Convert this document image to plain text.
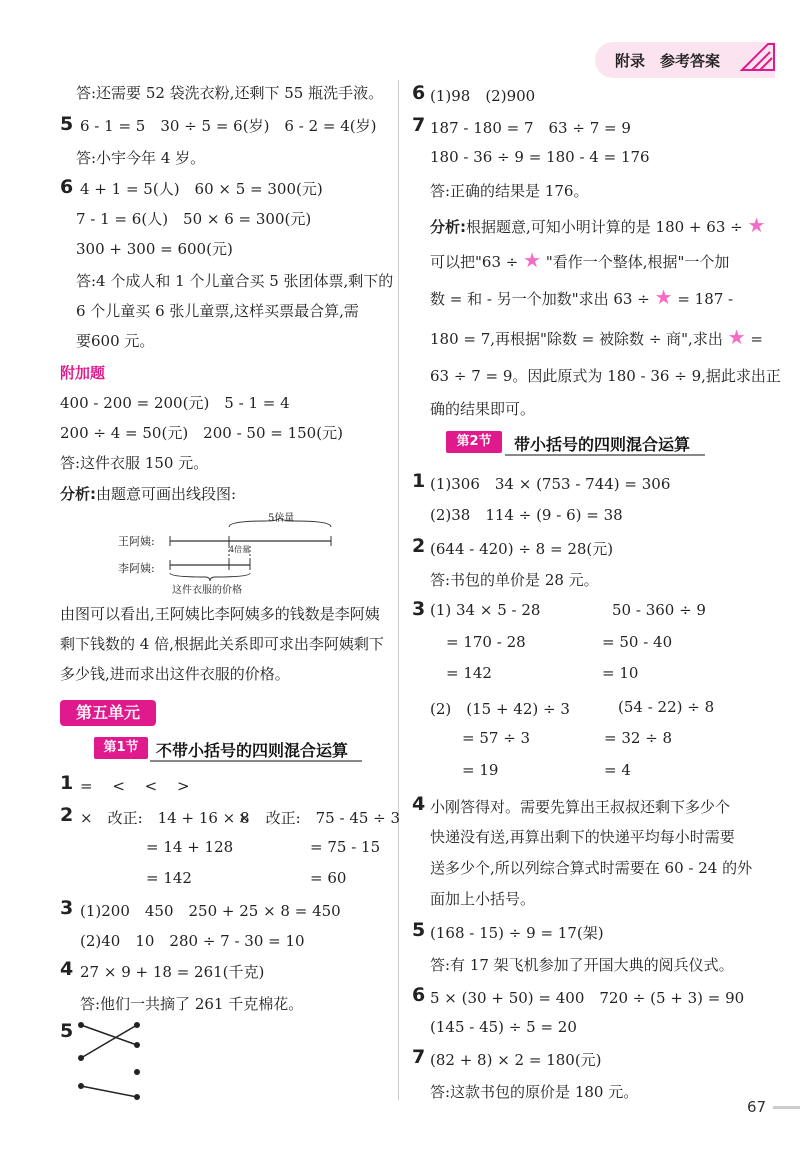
附录　参考答案
答:还需要 52 袋洗衣粉,还剩下 55 瓶洗手液。
5 6 - 1 = 5　30 ÷ 5 = 6(岁)　6 - 2 = 4(岁)
答:小宇今年 4 岁。
6 4 + 1 = 5(人)　60 × 5 = 300(元)
7 - 1 = 6(人)　50 × 6 = 300(元)
300 + 300 = 600(元)
答:4 个成人和 1 个儿童合买 5 张团体票,剩下的
6 个儿童买 6 张儿童票,这样买票最合算,需
要600 元。
附加题
400 - 200 = 200(元)　5 - 1 = 4
200 ÷ 4 = 50(元)　200 - 50 = 150(元)
答:这件衣服 150 元。
分析:由题意可画出线段图:
王阿姨:
李阿姨:
5倍量
4倍量
这件衣服的价格
由图可以看出,王阿姨比李阿姨多的钱数是李阿姨
剩下钱数的 4 倍,根据此关系即可求出李阿姨剩下
多少钱,进而求出这件衣服的价格。
第五单元
第1节	不带小括号的四则混合运算
1 =　 <　 <　 >
2 ×　改正:　14 + 16 × 8
×　改正:　75 - 45 ÷ 3
= 14 + 128
= 142
= 75 - 15
= 60
3 (1)200　450　250 + 25 × 8 = 450
(2)40　10　280 ÷ 7 - 30 = 10
4 27 × 9 + 18 = 261(千克)
答:他们一共摘了 261 千克棉花。
5
6 (1)98　(2)900
7 187 - 180 = 7　63 ÷ 7 = 9
180 - 36 ÷ 9 = 180 - 4 = 176
答:正确的结果是 176。
分析:根据题意,可知小明计算的是 180 + 63 ÷ ★
可以把"63 ÷ ★ "看作一个整体,根据"一个加
数 = 和 - 另一个加数"求出 63 ÷ ★ = 187 -
180 = 7,再根据"除数 = 被除数 ÷ 商",求出 ★ =
63 ÷ 7 = 9。因此原式为 180 - 36 ÷ 9,据此求出正
确的结果即可。
第2节	带小括号的四则混合运算
1 (1)306　34 × (753 - 744) = 306
(2)38　114 ÷ (9 - 6) = 38
2 (644 - 420) ÷ 8 = 28(元)
答:书包的单价是 28 元。
3 (1) 34 × 5 - 28	50 - 360 ÷ 9
= 170 - 28	= 50 - 40
= 142	= 10
(2)　(15 + 42) ÷ 3	(54 - 22) ÷ 8
= 57 ÷ 3	= 32 ÷ 8
= 19	= 4
4 小刚答得对。需要先算出王叔叔还剩下多少个
快递没有送,再算出剩下的快递平均每小时需要
送多少个,所以列综合算式时需要在 60 - 24 的外
面加上小括号。
5 (168 - 15) ÷ 9 = 17(架)
答:有 17 架飞机参加了开国大典的阅兵仪式。
6 5 × (30 + 50) = 400　720 ÷ (5 + 3) = 90
(145 - 45) ÷ 5 = 20
7 (82 + 8) × 2 = 180(元)
答:这款书包的原价是 180 元。
67
